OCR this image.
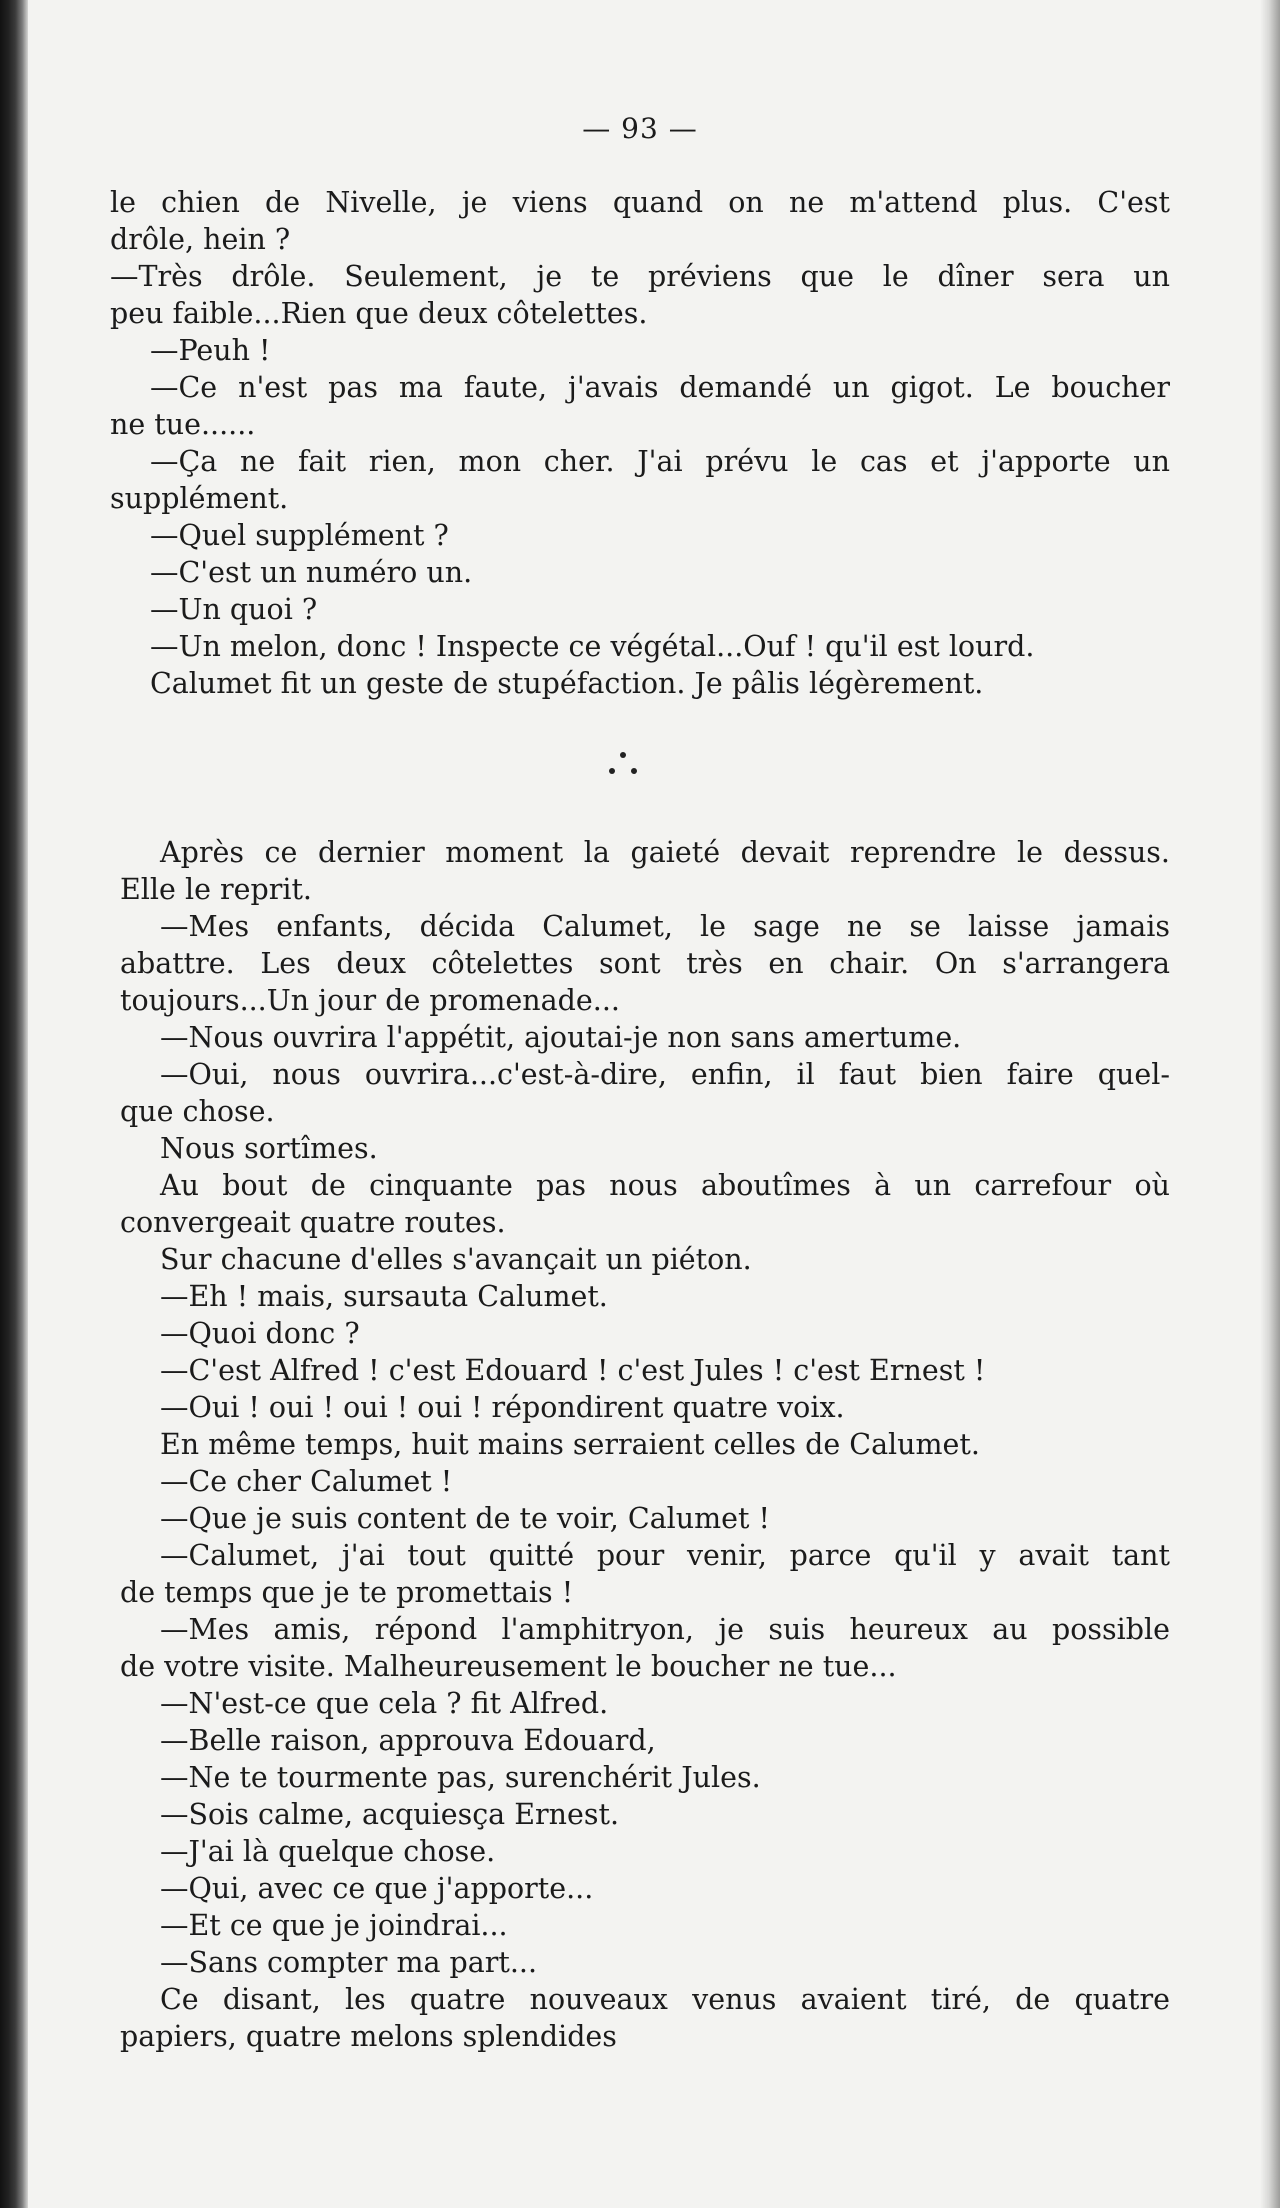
— 93 —
le chien de Nivelle, je viens quand on ne m'attend plus. C'est
drôle, hein ?
—Très drôle. Seulement, je te préviens que le dîner sera un
peu faible...Rien que deux côtelettes.
—Peuh !
—Ce n'est pas ma faute, j'avais demandé un gigot. Le boucher
ne tue......
—Ça ne fait rien, mon cher. J'ai prévu le cas et j'apporte un
supplément.
—Quel supplément ?
—C'est un numéro un.
—Un quoi ?
—Un melon, donc ! Inspecte ce végétal...Ouf ! qu'il est lourd.
Calumet fit un geste de stupéfaction. Je pâlis légèrement.
Après ce dernier moment la gaieté devait reprendre le dessus.
Elle le reprit.
—Mes enfants, décida Calumet, le sage ne se laisse jamais
abattre. Les deux côtelettes sont très en chair. On s'arrangera
toujours...Un jour de promenade...
—Nous ouvrira l'appétit, ajoutai-je non sans amertume.
—Oui, nous ouvrira...c'est-à-dire, enfin, il faut bien faire quel-
que chose.
Nous sortîmes.
Au bout de cinquante pas nous aboutîmes à un carrefour où
convergeait quatre routes.
Sur chacune d'elles s'avançait un piéton.
—Eh ! mais, sursauta Calumet.
—Quoi donc ?
—C'est Alfred ! c'est Edouard ! c'est Jules ! c'est Ernest !
—Oui ! oui ! oui ! oui ! répondirent quatre voix.
En même temps, huit mains serraient celles de Calumet.
—Ce cher Calumet !
—Que je suis content de te voir, Calumet !
—Calumet, j'ai tout quitté pour venir, parce qu'il y avait tant
de temps que je te promettais !
—Mes amis, répond l'amphitryon, je suis heureux au possible
de votre visite. Malheureusement le boucher ne tue...
—N'est-ce que cela ? fit Alfred.
—Belle raison, approuva Edouard,
—Ne te tourmente pas, surenchérit Jules.
—Sois calme, acquiesça Ernest.
—J'ai là quelque chose.
—Qui, avec ce que j'apporte...
—Et ce que je joindrai...
—Sans compter ma part...
Ce disant, les quatre nouveaux venus avaient tiré, de quatre
papiers, quatre melons splendides
